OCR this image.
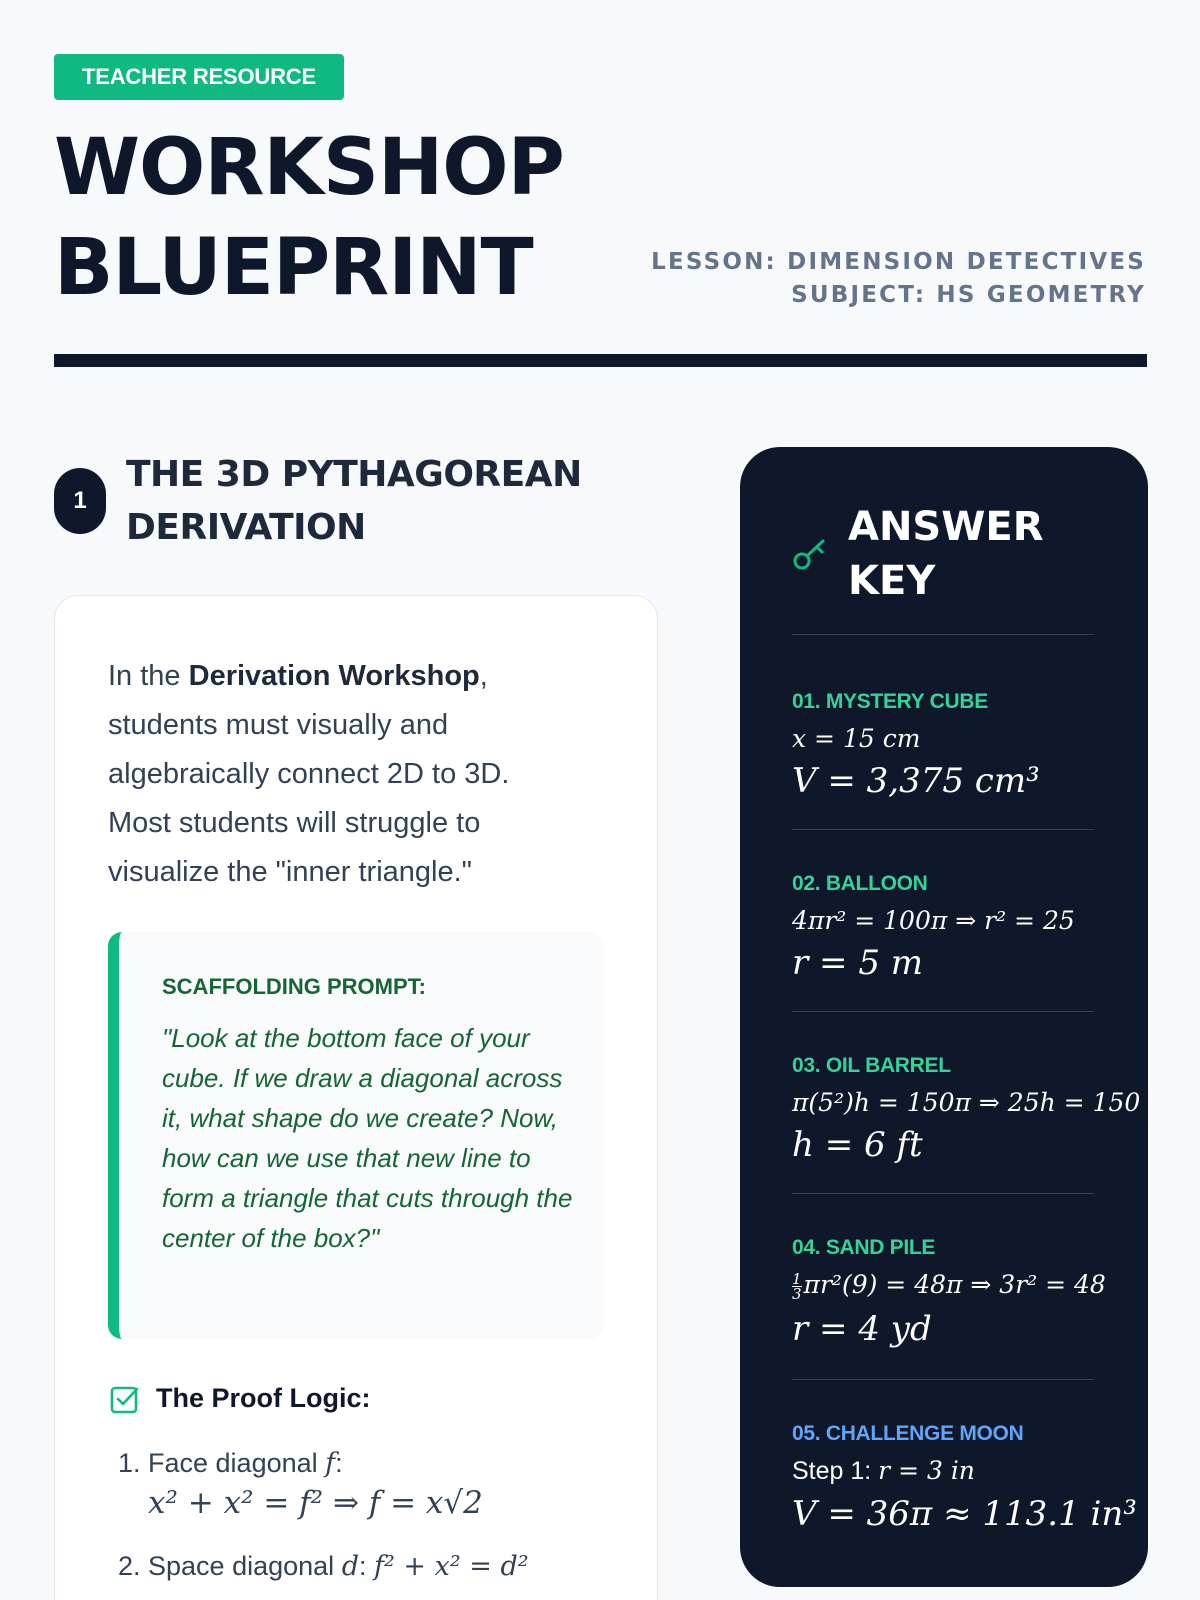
TEACHER RESOURCE
WORKSHOP
BLUEPRINT	LESSON: DIMENSION DETECTIVES
SUBJECT: HS GEOMETRY
1
THE 3D PYTHAGOREAN
DERIVATION
In the Derivation Workshop, students must visually and algebraically connect 2D to 3D. Most students will struggle to visualize the "inner triangle."
SCAFFOLDING PROMPT:
"Look at the bottom face of your cube. If we draw a diagonal across it, what shape do we create? Now, how can we use that new line to form a triangle that cuts through the center of the box?"
The Proof Logic:
1. Face diagonal f:
x² + x² = f² ⇒ f = x√2
2. Space diagonal d: f² + x² = d²
ANSWER
KEY
01. MYSTERY CUBE
x = 15 cm
V = 3,375 cm³
02. BALLOON
4πr² = 100π ⇒ r² = 25
r = 5 m
03. OIL BARREL
π(5²)h = 150π ⇒ 25h = 150
h = 6 ft
04. SAND PILE
$\frac{1}{3} \pi r^2(9) = 48\pi$ ⇒ 3r² = 48
r = 4 yd
05. CHALLENGE MOON
Step 1: r = 3 in
V = 36π ≈ 113.1 in³
